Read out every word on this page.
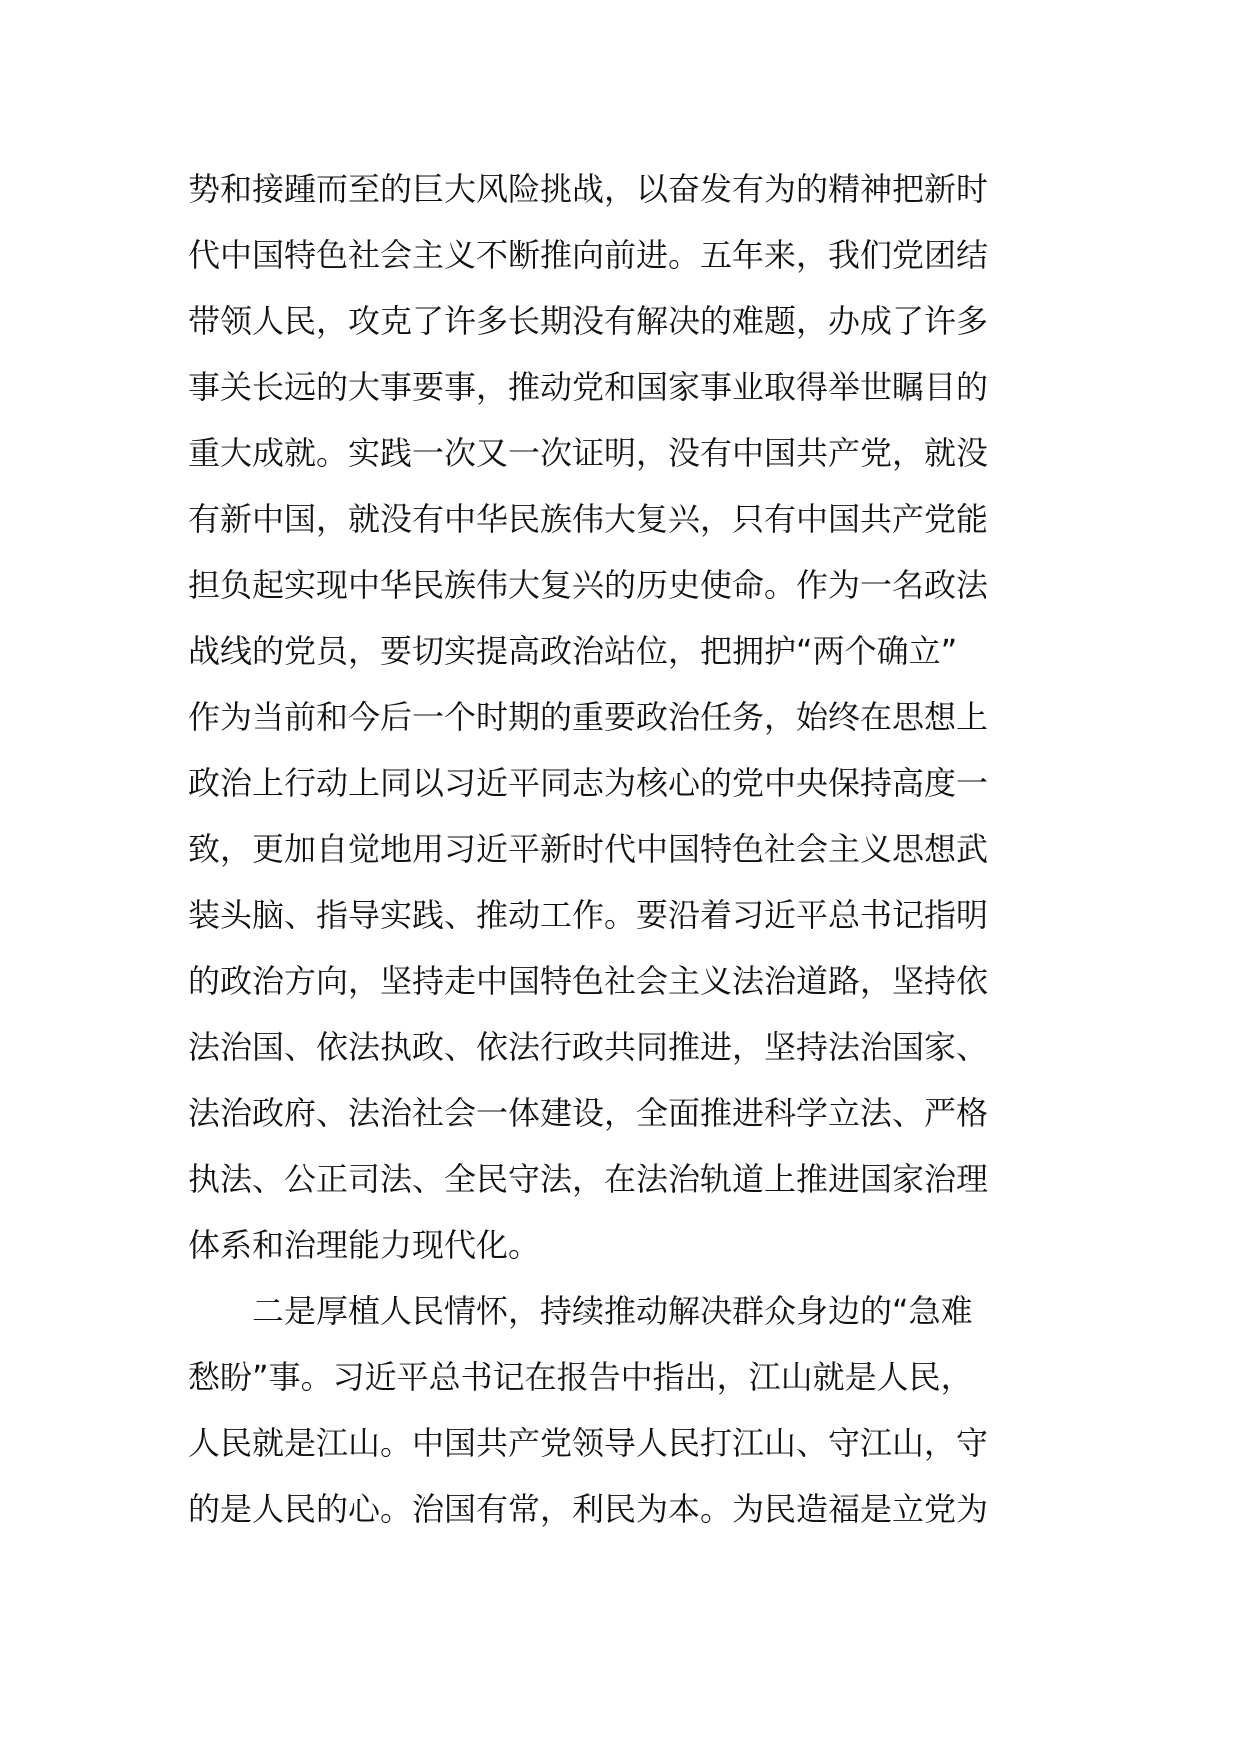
势和接踵而至的巨大风险挑战，以奋发有为的精神把新时
代中国特色社会主义不断推向前进。五年来，我们党团结
带领人民，攻克了许多长期没有解决的难题，办成了许多
事关长远的大事要事，推动党和国家事业取得举世瞩目的
重大成就。实践一次又一次证明，没有中国共产党，就没
有新中国，就没有中华民族伟大复兴，只有中国共产党能
担负起实现中华民族伟大复兴的历史使命。作为一名政法
战线的党员，要切实提高政治站位，把拥护“两个确立”
作为当前和今后一个时期的重要政治任务，始终在思想上
政治上行动上同以习近平同志为核心的党中央保持高度一
致，更加自觉地用习近平新时代中国特色社会主义思想武
装头脑、指导实践、推动工作。要沿着习近平总书记指明
的政治方向，坚持走中国特色社会主义法治道路，坚持依
法治国、依法执政、依法行政共同推进，坚持法治国家、
法治政府、法治社会一体建设，全面推进科学立法、严格
执法、公正司法、全民守法，在法治轨道上推进国家治理
体系和治理能力现代化。
二是厚植人民情怀，持续推动解决群众身边的“急难
愁盼”事。习近平总书记在报告中指出，江山就是人民，
人民就是江山。中国共产党领导人民打江山、守江山，守
的是人民的心。治国有常，利民为本。为民造福是立党为
